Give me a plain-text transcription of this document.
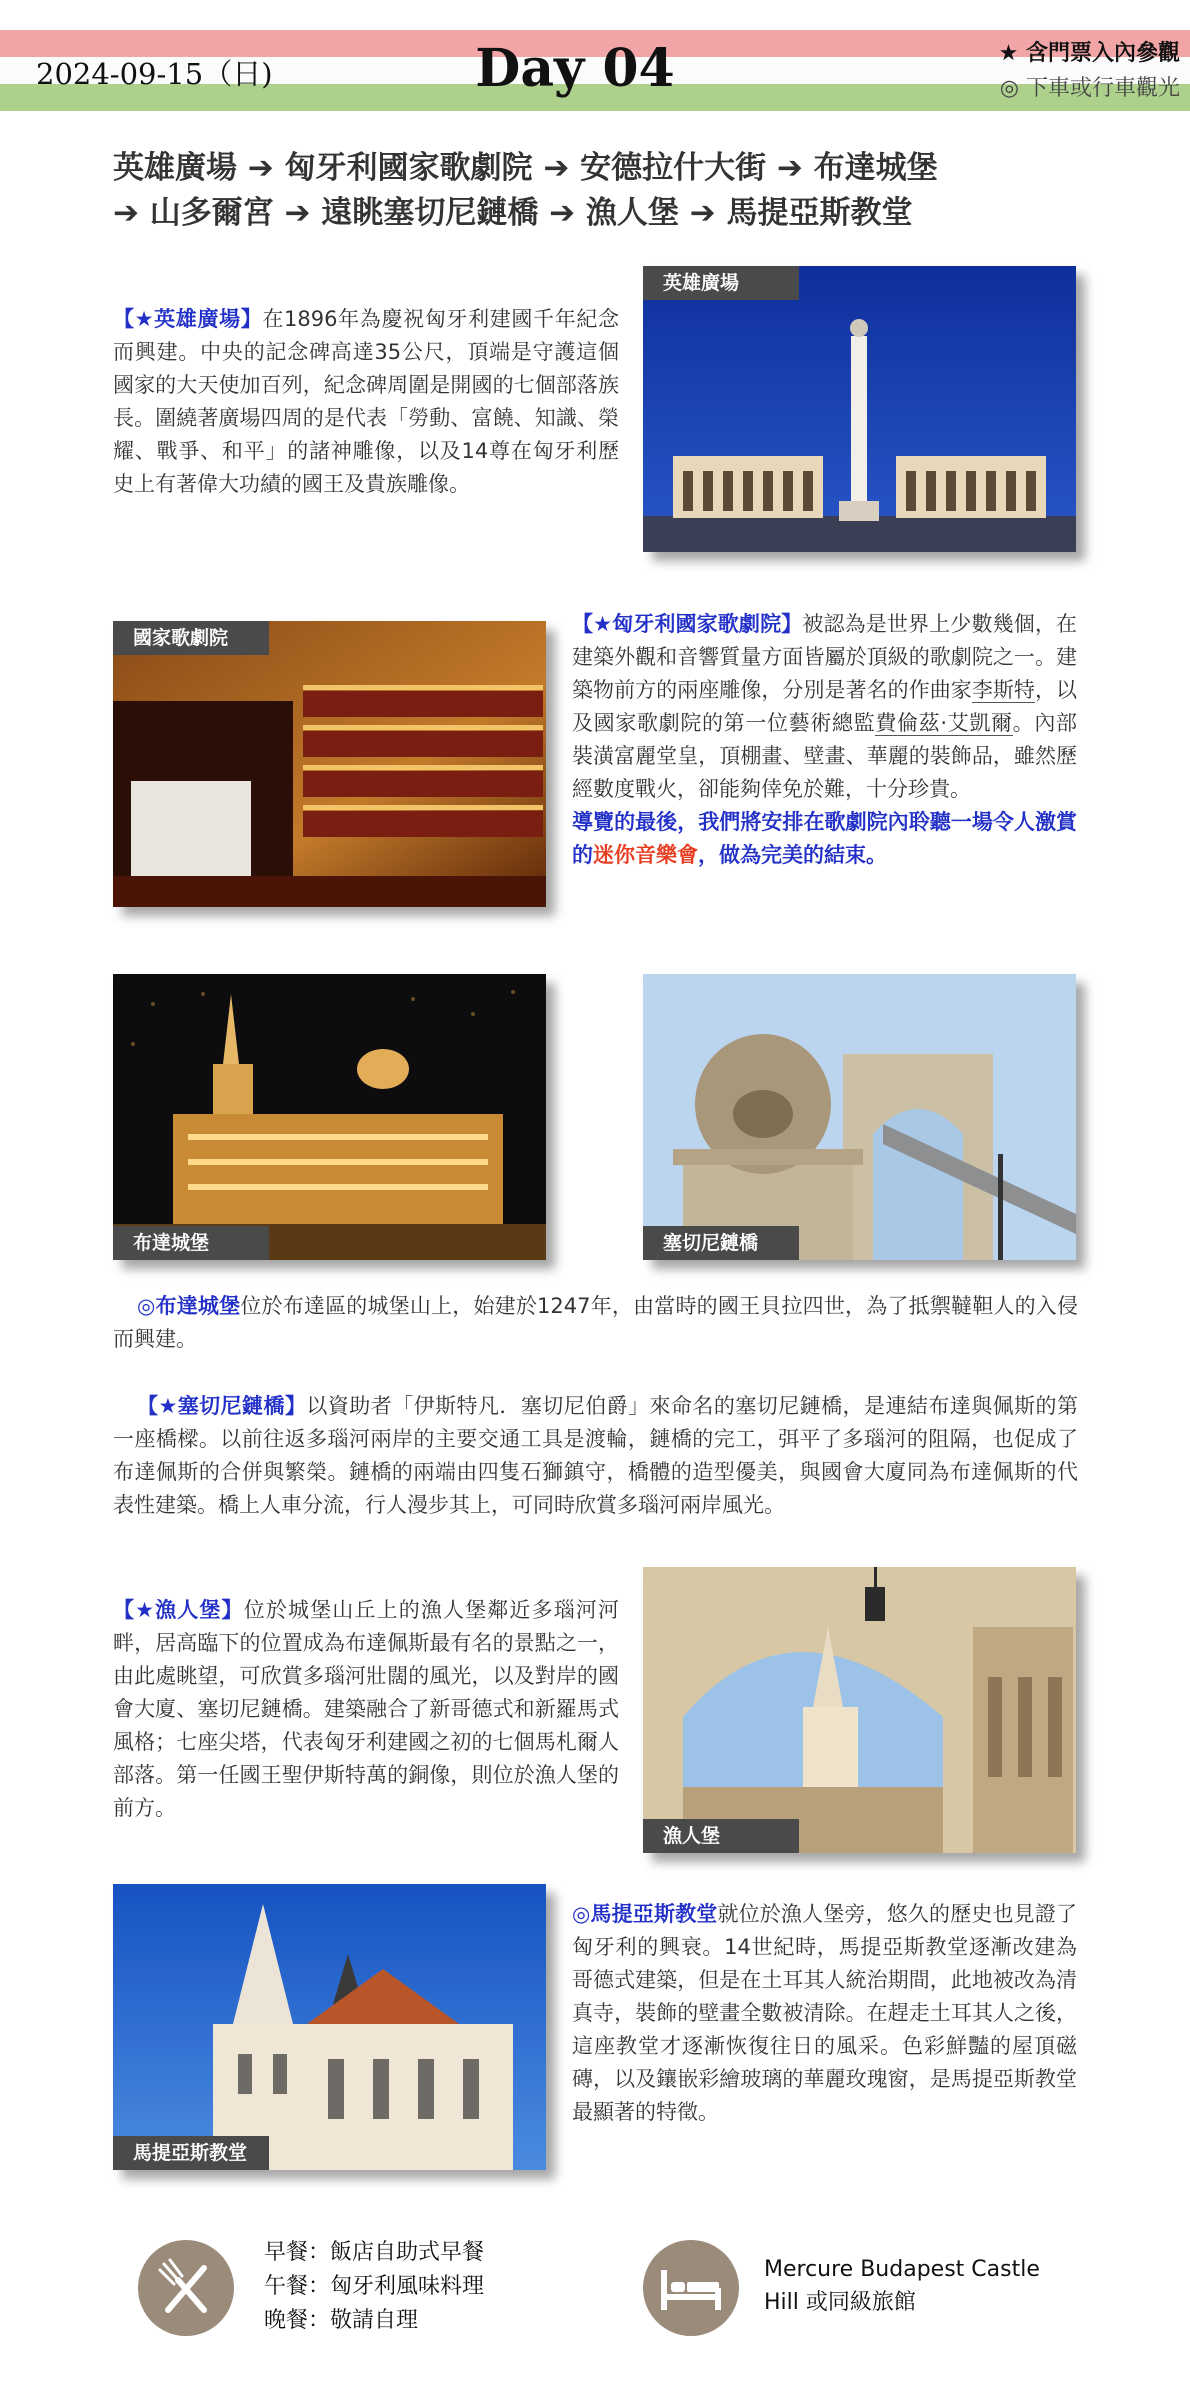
2024-09-15（日)	Day 04	★ 含門票入內參觀
◎ 下車或行車觀光
英雄廣場 ➔ 匈牙利國家歌劇院 ➔ 安德拉什大街 ➔ 布達城堡
➔ 山多爾宮 ➔ 遠眺塞切尼鏈橋 ➔ 漁人堡 ➔ 馬提亞斯教堂
【★英雄廣場】在1896年為慶祝匈牙利建國千年紀念而興建。中央的記念碑高達35公尺，頂端是守護這個國家的大天使加百列，紀念碑周圍是開國的七個部落族長。圍繞著廣場四周的是代表「勞動、富饒、知識、榮耀、戰爭、和平」的諸神雕像，以及14尊在匈牙利歷史上有著偉大功績的國王及貴族雕像。
英雄廣場
國家歌劇院
【★匈牙利國家歌劇院】被認為是世界上少數幾個，在建築外觀和音響質量方面皆屬於頂級的歌劇院之一。建築物前方的兩座雕像，分別是著名的作曲家李斯特，以及國家歌劇院的第一位藝術總監費倫茲·艾凱爾。內部裝潢富麗堂皇，頂棚畫、壁畫、華麗的裝飾品，雖然歷經數度戰火，卻能夠倖免於難，十分珍貴。
導覽的最後，我們將安排在歌劇院內聆聽一場令人激賞的迷你音樂會，做為完美的結束。
布達城堡	塞切尼鏈橋
◎布達城堡位於布達區的城堡山上，始建於1247年，由當時的國王貝拉四世，為了抵禦韃靼人的入侵而興建。
【★塞切尼鏈橋】以資助者「伊斯特凡．塞切尼伯爵」來命名的塞切尼鏈橋，是連結布達與佩斯的第一座橋樑。以前往返多瑙河兩岸的主要交通工具是渡輪，鏈橋的完工，弭平了多瑙河的阻隔，也促成了布達佩斯的合併與繁榮。鏈橋的兩端由四隻石獅鎮守，橋體的造型優美，與國會大廈同為布達佩斯的代表性建築。橋上人車分流，行人漫步其上，可同時欣賞多瑙河兩岸風光。
【★漁人堡】位於城堡山丘上的漁人堡鄰近多瑙河河畔，居高臨下的位置成為布達佩斯最有名的景點之一，由此處眺望，可欣賞多瑙河壯闊的風光，以及對岸的國會大廈、塞切尼鏈橋。建築融合了新哥德式和新羅馬式風格；七座尖塔，代表匈牙利建國之初的七個馬札爾人部落。第一任國王聖伊斯特萬的銅像，則位於漁人堡的前方。
漁人堡
馬提亞斯教堂
◎馬提亞斯教堂就位於漁人堡旁，悠久的歷史也見證了匈牙利的興衰。14世紀時，馬提亞斯教堂逐漸改建為哥德式建築，但是在土耳其人統治期間，此地被改為清真寺，裝飾的壁畫全數被清除。在趕走土耳其人之後，這座教堂才逐漸恢復往日的風采。色彩鮮豔的屋頂磁磚，以及鑲嵌彩繪玻璃的華麗玫瑰窗，是馬提亞斯教堂最顯著的特徵。
早餐：飯店自助式早餐
午餐：匈牙利風味料理
晚餐：敬請自理
Mercure Budapest Castle
Hill 或同級旅館
